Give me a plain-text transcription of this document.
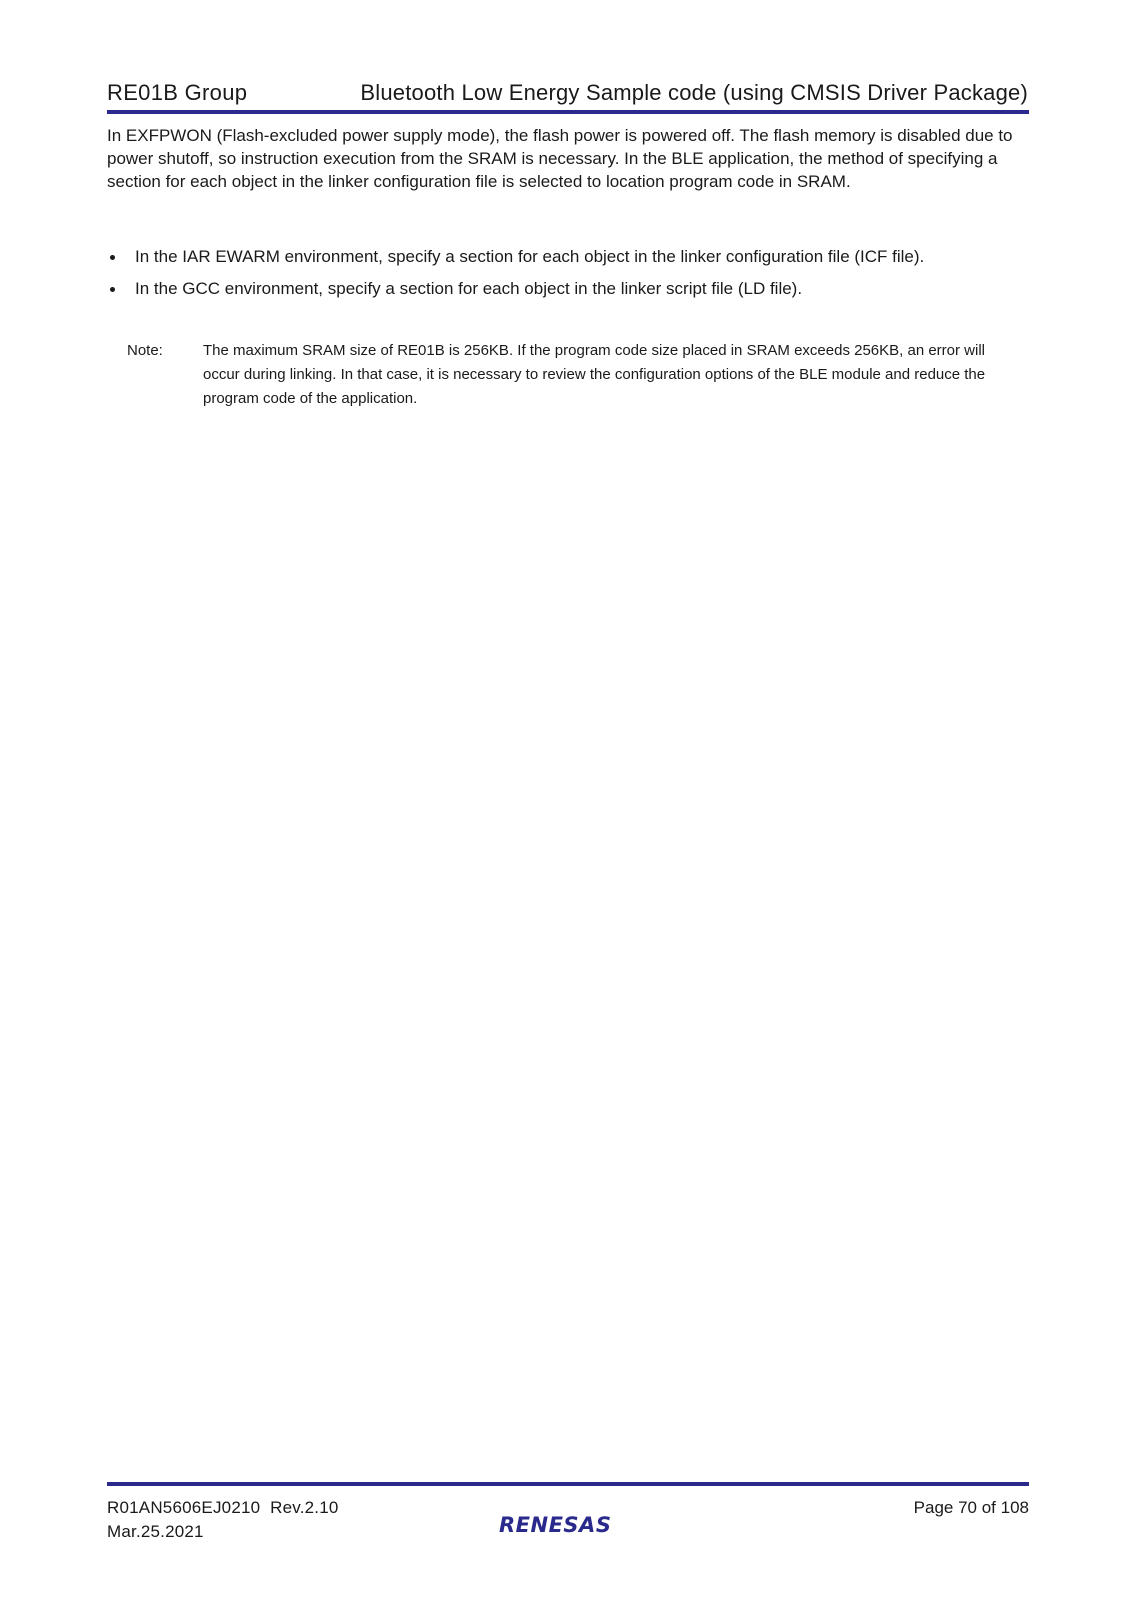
RE01B Group	Bluetooth Low Energy Sample code (using CMSIS Driver Package)
In EXFPWON (Flash-excluded power supply mode), the flash power is powered off. The flash memory is disabled due to power shutoff, so instruction execution from the SRAM is necessary. In the BLE application, the method of specifying a section for each object in the linker configuration file is selected to location program code in SRAM.
In the IAR EWARM environment, specify a section for each object in the linker configuration file (ICF file).
In the GCC environment, specify a section for each object in the linker script file (LD file).
Note:	The maximum SRAM size of RE01B is 256KB. If the program code size placed in SRAM exceeds 256KB, an error will occur during linking. In that case, it is necessary to review the configuration options of the BLE module and reduce the program code of the application.
R01AN5606EJ0210  Rev.2.10
Mar.25.2021	RENESAS
Page 70 of 108
